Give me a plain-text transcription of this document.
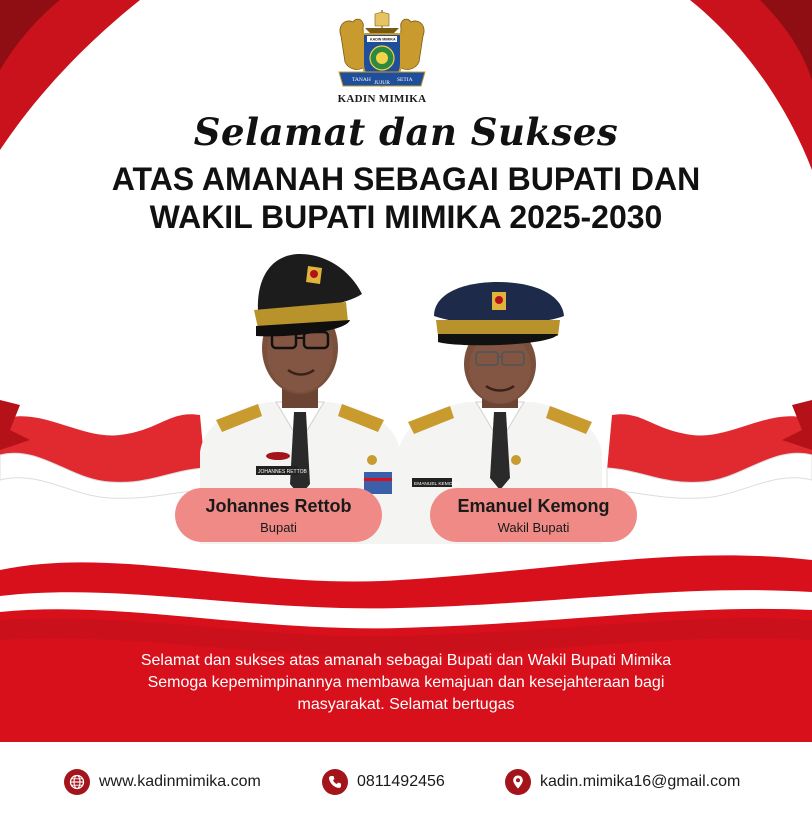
TANAH JUJUR SETIA
KADIN MIMIKA
KADIN MIMIKA
Selamat dan Sukses
ATAS AMANAH SEBAGAI BUPATI DAN
WAKIL BUPATI MIMIKA 2025-2030
JOHANNES RETTOB
EMANUEL KEMONG
Johannes Rettob
Bupati
Emanuel Kemong
Wakil Bupati
Selamat dan sukses atas amanah sebagai Bupati dan Wakil Bupati Mimika
Semoga kepemimpinannya membawa kemajuan dan kesejahteraan bagi
masyarakat. Selamat bertugas
www.kadinmimika.com	0811492456	kadin.mimika16@gmail.com
